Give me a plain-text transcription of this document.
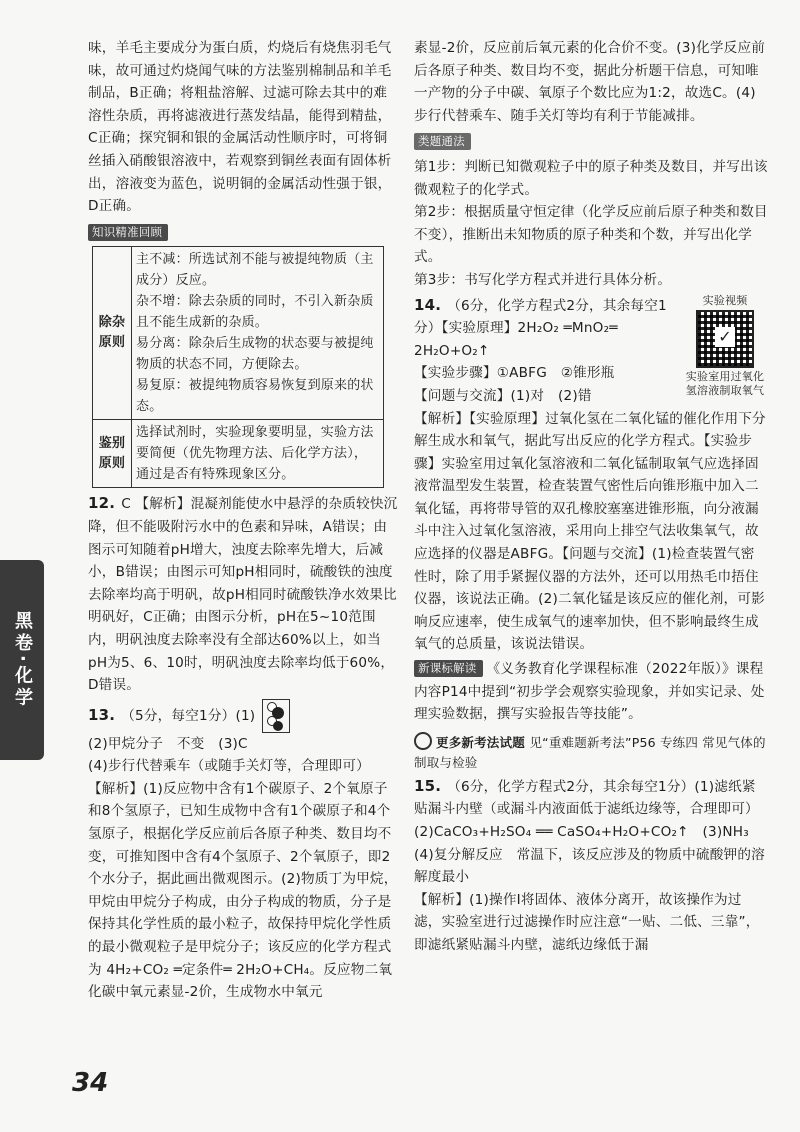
黑卷·化学

味，羊毛主要成分为蛋白质，灼烧后有烧焦羽毛气味，故可通过灼烧闻气味的方法鉴别棉制品和羊毛制品，B正确；将粗盐溶解、过滤可除去其中的难溶性杂质，再将滤液进行蒸发结晶，能得到精盐，C正确；探究铜和银的金属活动性顺序时，可将铜丝插入硝酸银溶液中，若观察到铜丝表面有固体析出，溶液变为蓝色，说明铜的金属活动性强于银，D正确。

知识精准回顾
除杂原则	主不减：所选试剂不能与被提纯物质（主成分）反应。
杂不增：除去杂质的同时，不引入新杂质且不能生成新的杂质。
易分离：除杂后生成物的状态要与被提纯物质的状态不同，方便除去。
易复原：被提纯物质容易恢复到原来的状态。

鉴别原则	选择试剂时，实验现象要明显，实验方法要简便（优先物理方法、后化学方法），通过是否有特殊现象区分。

12. C 【解析】混凝剂能使水中悬浮的杂质较快沉降，但不能吸附污水中的色素和异味，A错误；由图示可知随着pH增大，浊度去除率先增大，后减小，B错误；由图示可知pH相同时，硫酸铁的浊度去除率均高于明矾，故pH相同时硫酸铁净水效果比明矾好，C正确；由图示分析，pH在5~10范围内，明矾浊度去除率没有全部达60%以上，如当pH为5、6、10时，明矾浊度去除率均低于60%，D错误。

13. （5分，每空1分）(1)

(2)甲烷分子　不变　(3)C

(4)步行代替乘车（或随手关灯等，合理即可）

【解析】(1)反应物中含有1个碳原子、2个氧原子和8个氢原子，已知生成物中含有1个碳原子和4个氢原子，根据化学反应前后各原子种类、数目均不变，可推知图中含有4个氢原子、2个氧原子，即2个水分子，据此画出微观图示。(2)物质丁为甲烷，甲烷由甲烷分子构成，由分子构成的物质，分子是保持其化学性质的最小粒子，故保持甲烷化学性质的最小微观粒子是甲烷分子；该反应的化学方程式为 4H₂+CO₂ ═定条件═ 2H₂O+CH₄。反应物二氧化碳中氧元素显-2价，生成物水中氧元

素显-2价，反应前后氧元素的化合价不变。(3)化学反应前后各原子种类、数目均不变，据此分析题干信息，可知唯一产物的分子中碳、氧原子个数比应为1:2，故选C。(4)步行代替乘车、随手关灯等均有利于节能减排。

类题通法

第1步：判断已知微观粒子中的原子种类及数目，并写出该微观粒子的化学式。

第2步：根据质量守恒定律（化学反应前后原子种类和数目不变），推断出未知物质的原子种类和个数，并写出化学式。

第3步：书写化学方程式并进行具体分析。

实验视频
✓
实验室用过氧化氢溶液制取氧气

14. （6分，化学方程式2分，其余每空1分）【实验原理】2H₂O₂ ═MnO₂═ 2H₂O+O₂↑

【实验步骤】①ABFG　②锥形瓶

【问题与交流】(1)对　(2)错

【解析】【实验原理】过氧化氢在二氧化锰的催化作用下分解生成水和氧气，据此写出反应的化学方程式。【实验步骤】实验室用过氧化氢溶液和二氧化锰制取氧气应选择固液常温型发生装置，检查装置气密性后向锥形瓶中加入二氧化锰，再将带导管的双孔橡胶塞塞进锥形瓶，向分液漏斗中注入过氧化氢溶液，采用向上排空气法收集氧气，故应选择的仪器是ABFG。【问题与交流】(1)检查装置气密性时，除了用手紧握仪器的方法外，还可以用热毛巾捂住仪器，该说法正确。(2)二氧化锰是该反应的催化剂，可影响反应速率，使生成氧气的速率加快，但不影响最终生成氧气的总质量，该说法错误。

新课标解读 《义务教育化学课程标准（2022年版）》课程内容P14中提到“初步学会观察实验现象，并如实记录、处理实验数据，撰写实验报告等技能”。

更多新考法试题 见“重难题新考法”P56 专练四 常见气体的制取与检验

15. （6分，化学方程式2分，其余每空1分）(1)滤纸紧贴漏斗内壁（或漏斗内液面低于滤纸边缘等，合理即可）　(2)CaCO₃+H₂SO₄ ══ CaSO₄+H₂O+CO₂↑　(3)NH₃　(4)复分解反应　常温下，该反应涉及的物质中硫酸钾的溶解度最小

【解析】(1)操作Ⅰ将固体、液体分离开，故该操作为过滤，实验室进行过滤操作时应注意“一贴、二低、三靠”，即滤纸紧贴漏斗内壁，滤纸边缘低于漏

34
